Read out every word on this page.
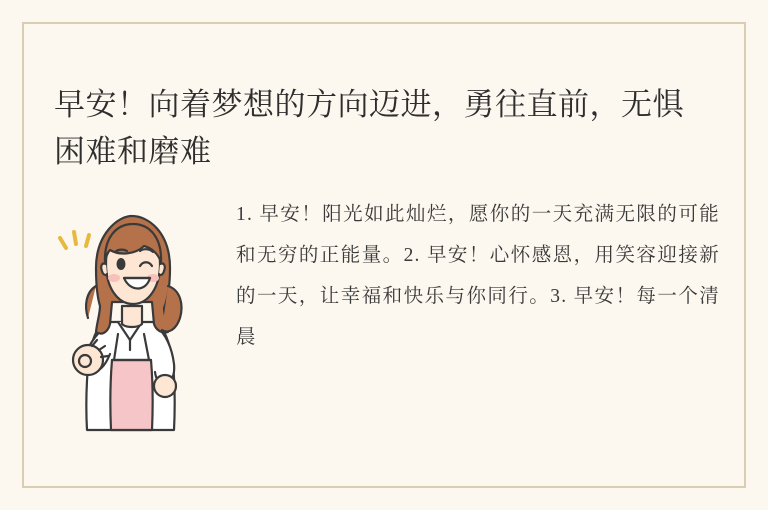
早安！向着梦想的方向迈进，勇往直前，无惧困难和磨难
1. 早安！阳光如此灿烂，愿你的一天充满无限的可能和无穷的正能量。2. 早安！心怀感恩，用笑容迎接新的一天，让幸福和快乐与你同行。3. 早安！每一个清晨
